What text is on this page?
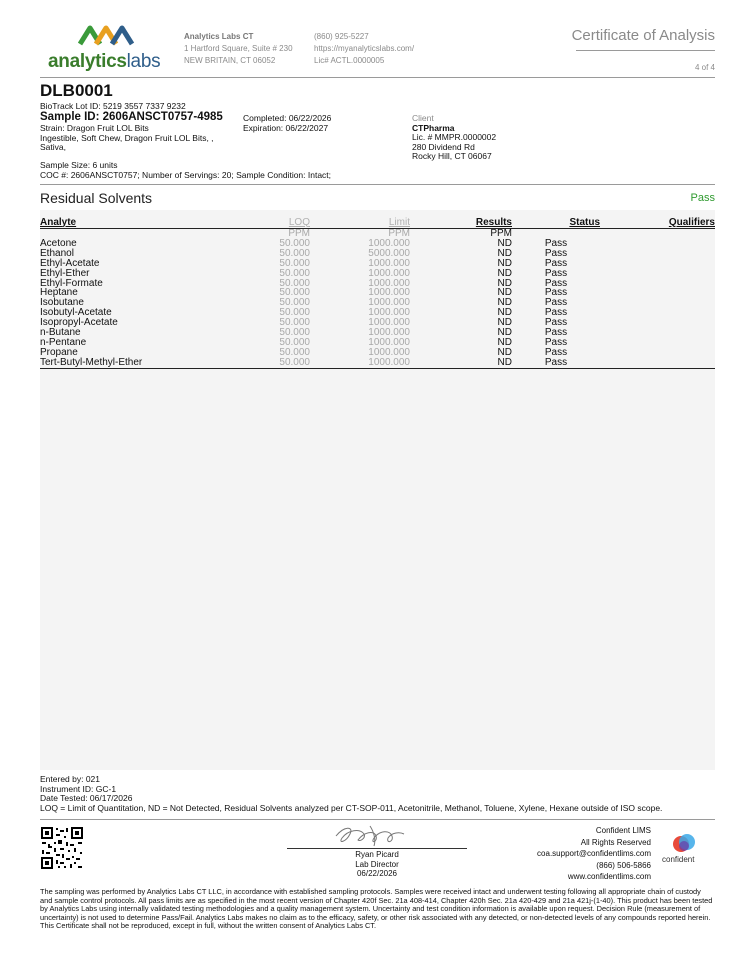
analyticslabs
Analytics Labs CT
1 Hartford Square, Suite # 230
NEW BRITAIN, CT 06052
(860) 925-5227
https://myanalyticslabs.com/
Lic# ACTL.0000005
Certificate of Analysis
4 of 4
DLB0001
BioTrack Lot ID: 5219 3557 7337 9232
Sample ID: 2606ANSCT0757-4985
Strain: Dragon Fruit LOL Bits
Ingestible, Soft Chew, Dragon Fruit LOL Bits, ,
Sativa,
Completed: 06/22/2026
Expiration: 06/22/2027
Client
CTPharma
Lic. # MMPR.0000002
280 Dividend Rd
Rocky Hill, CT 06067
Sample Size: 6 units
COC #: 2606ANSCT0757; Number of Servings: 20; Sample Condition: Intact;
Residual Solvents	Pass
Analyte	LOQ	Limit	Results	Status	Qualifiers
	PPM	PPM	PPM		
Acetone	50.000	1000.000	ND	Pass	
Ethanol	50.000	5000.000	ND	Pass	
Ethyl-Acetate	50.000	1000.000	ND	Pass	
Ethyl-Ether	50.000	1000.000	ND	Pass	
Ethyl-Formate	50.000	1000.000	ND	Pass	
Heptane	50.000	1000.000	ND	Pass	
Isobutane	50.000	1000.000	ND	Pass	
Isobutyl-Acetate	50.000	1000.000	ND	Pass	
Isopropyl-Acetate	50.000	1000.000	ND	Pass	
n-Butane	50.000	1000.000	ND	Pass	
n-Pentane	50.000	1000.000	ND	Pass	
Propane	50.000	1000.000	ND	Pass	
Tert-Butyl-Methyl-Ether	50.000	1000.000	ND	Pass	
Entered by: 021
Instrument ID: GC-1
Date Tested: 06/17/2026
LOQ = Limit of Quantitation, ND = Not Detected, Residual Solvents analyzed per CT-SOP-011, Acetonitrile, Methanol, Toluene, Xylene, Hexane outside of ISO scope.
Ryan Picard
Lab Director
06/22/2026
Confident LIMS
All Rights Reserved
coa.support@confidentlims.com
(866) 506-5866
www.confidentlims.com
confident
The sampling was performed by Analytics Labs CT LLC, in accordance with established sampling protocols. Samples were received intact and underwent testing following all appropriate chain of custody and sample control protocols. All pass limits are as specified in the most recent version of Chapter 420f Sec. 21a 408-414, Chapter 420h Sec. 21a 420-429 and 21a 421j-(1-40). This product has been tested by Analytics Labs using internally validated testing methodologies and a quality management system. Uncertainty and test condition information is available upon request. Decision Rule (measurement of uncertainty) is not used to determine Pass/Fail. Analytics Labs makes no claim as to the efficacy, safety, or other risk associated with any detected, or non-detected levels of any compounds reported herein. This Certificate shall not be reproduced, except in full, without the written consent of Analytics Labs CT.
